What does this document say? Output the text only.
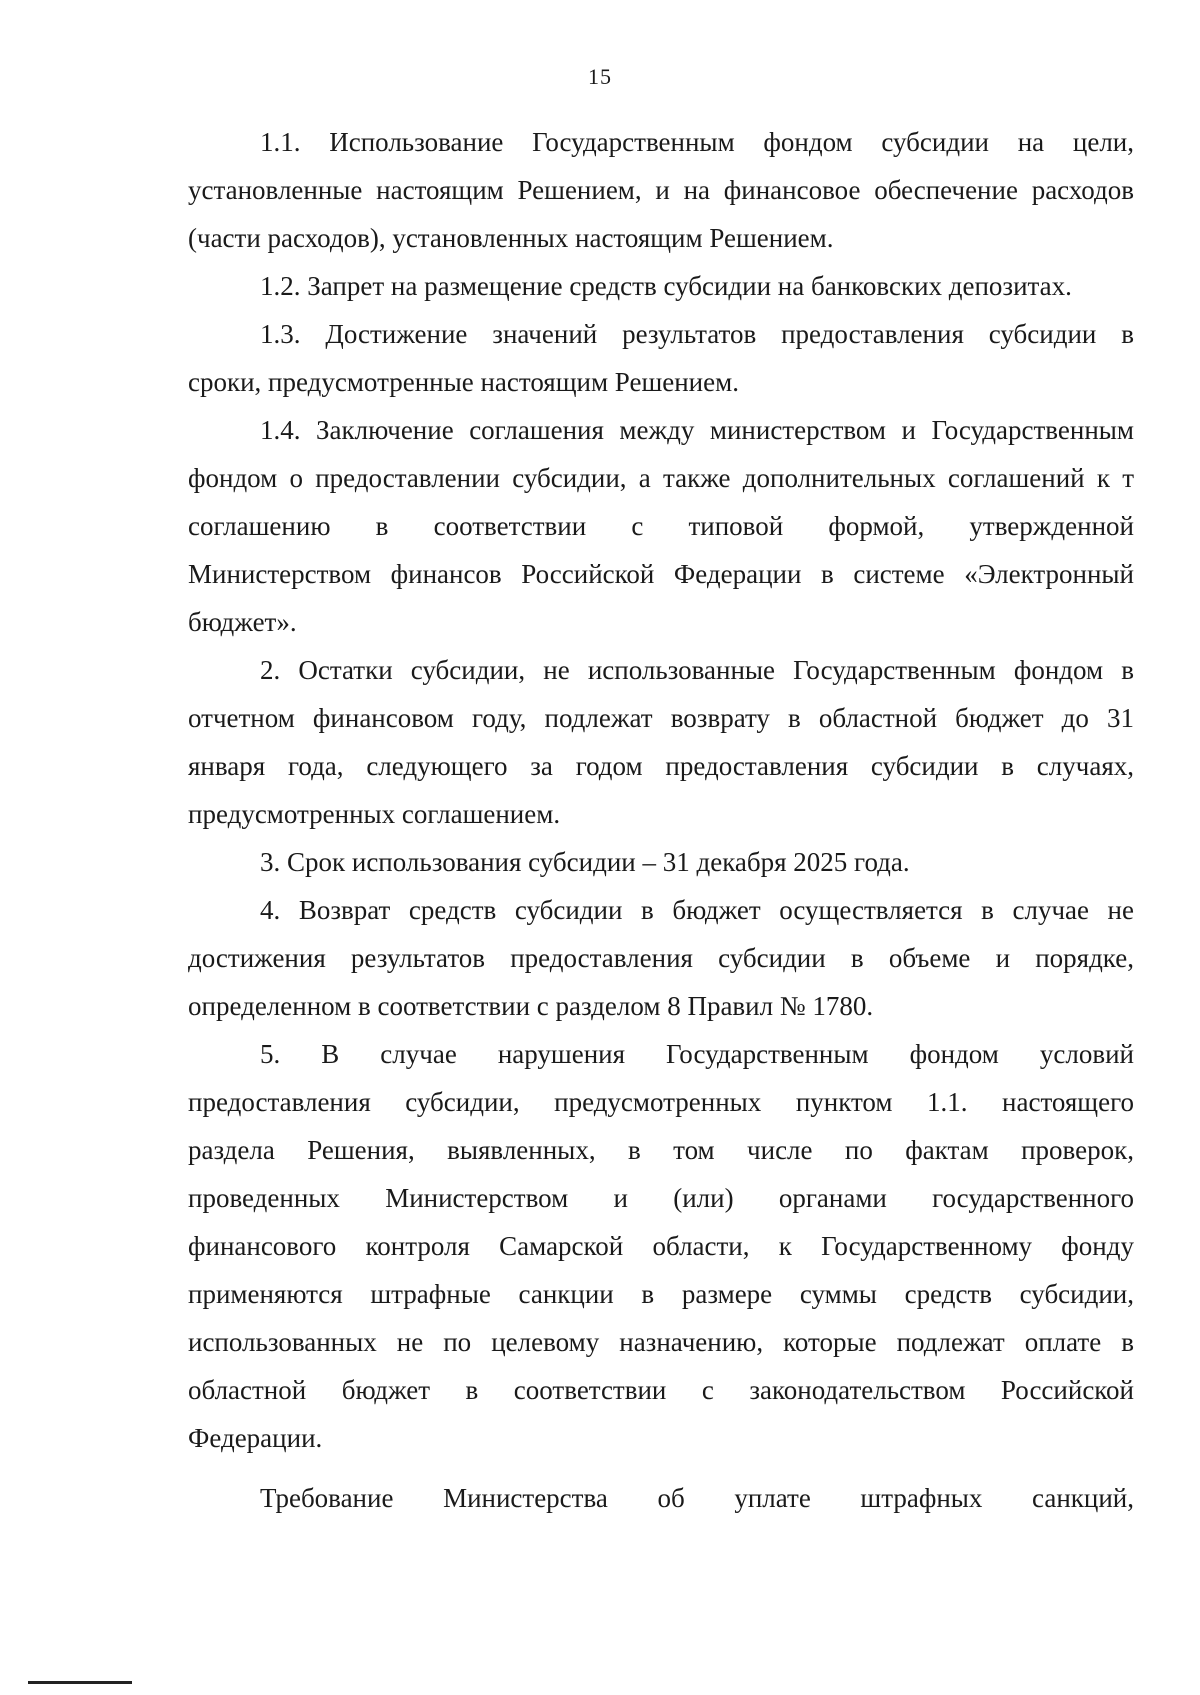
15

1.1. Использование Государственным фондом субсидии на цели,

установленные настоящим Решением, и на финансовое обеспечение расходов

(части расходов), установленных настоящим Решением.

1.2. Запрет на размещение средств субсидии на банковских депозитах.

1.3. Достижение значений результатов предоставления субсидии в

сроки, предусмотренные настоящим Решением.

1.4. Заключение соглашения между министерством и Государственным

фондом о предоставлении субсидии, а также дополнительных соглашений к т

соглашению в соответствии с типовой формой, утвержденной

Министерством финансов Российской Федерации в системе «Электронный

бюджет».

2. Остатки субсидии, не использованные Государственным фондом в

отчетном финансовом году, подлежат возврату в областной бюджет до 31

января года, следующего за годом предоставления субсидии в случаях,

предусмотренных соглашением.

3. Срок использования субсидии – 31 декабря 2025 года.

4. Возврат средств субсидии в бюджет осуществляется в случае не

достижения результатов предоставления субсидии в объеме и порядке,

определенном в соответствии с разделом 8 Правил № 1780.

5. В случае нарушения Государственным фондом условий

предоставления субсидии, предусмотренных пунктом 1.1. настоящего

раздела Решения, выявленных, в том числе по фактам проверок,

проведенных Министерством и (или) органами государственного

финансового контроля Самарской области, к Государственному фонду

применяются штрафные санкции в размере суммы средств субсидии,

использованных не по целевому назначению, которые подлежат оплате в

областной бюджет в соответствии с законодательством Российской

Федерации.

Требование Министерства об уплате штрафных санкций,
